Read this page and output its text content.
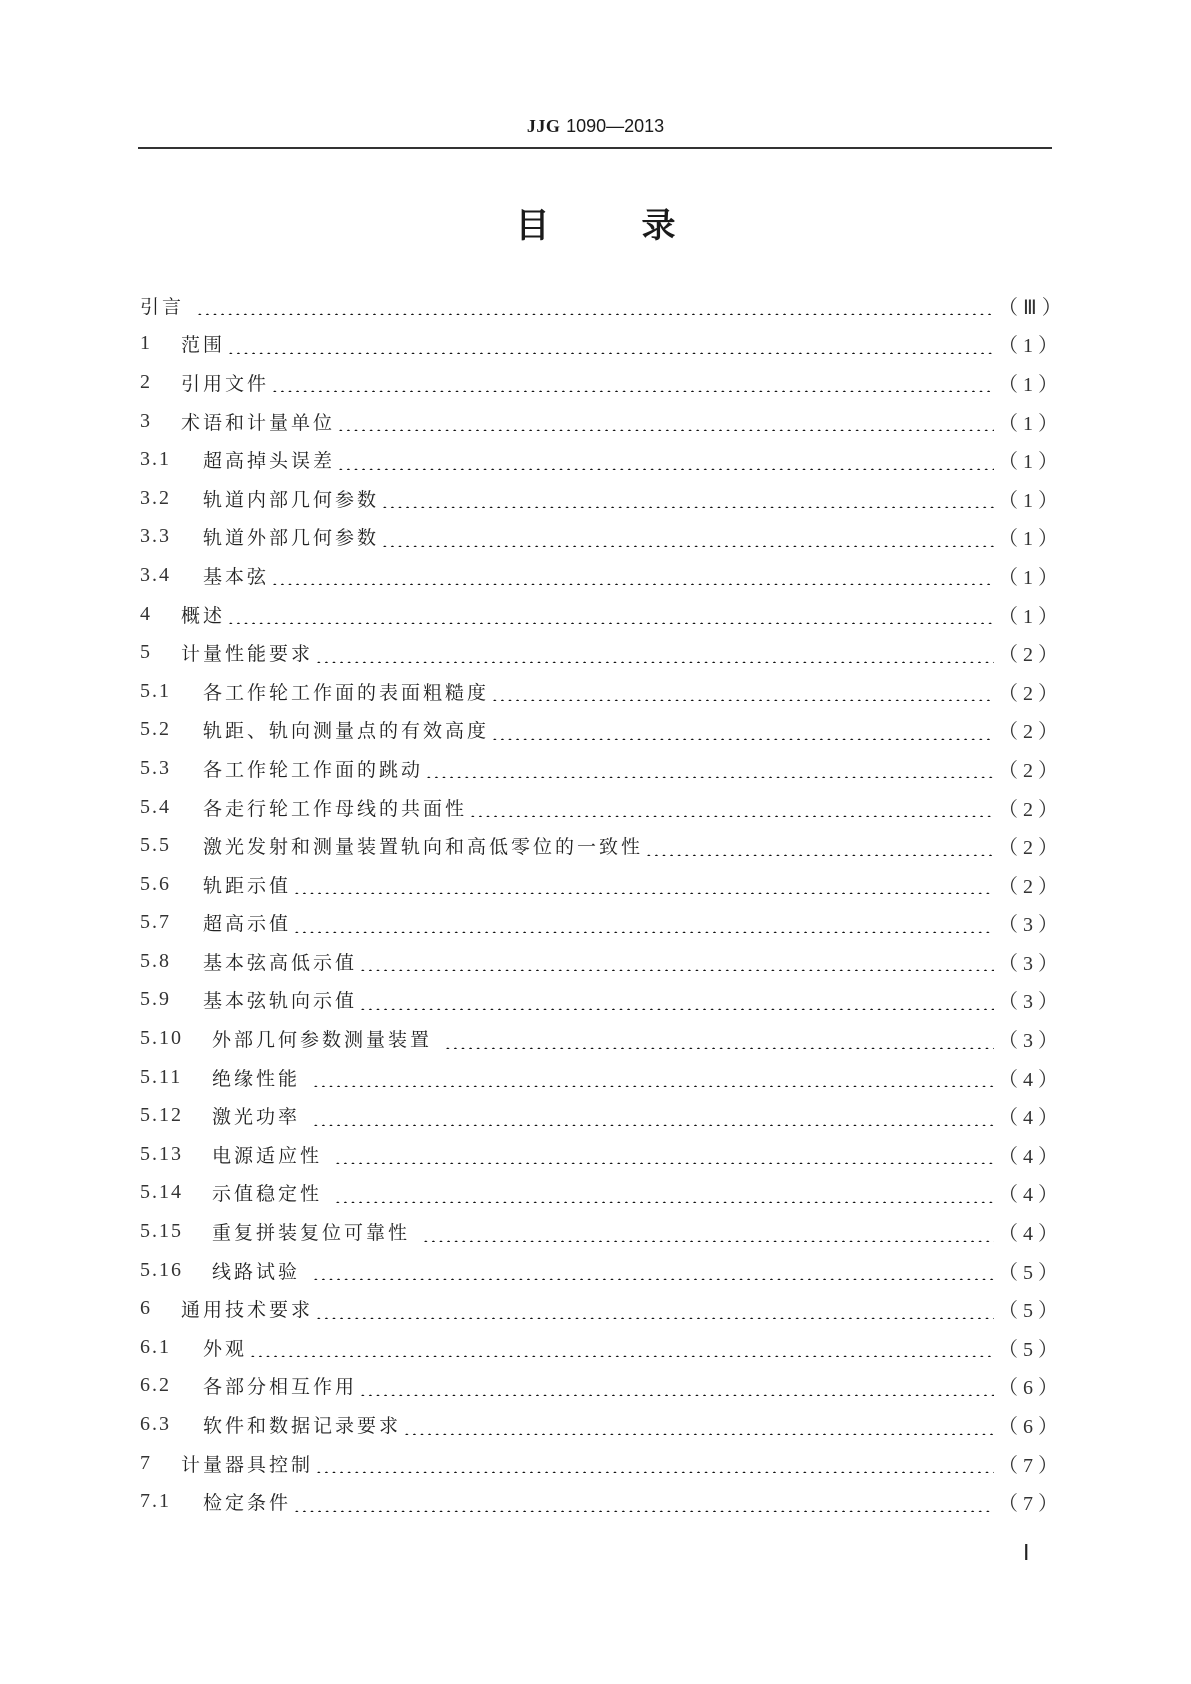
JJG 1090—2013
目	录
引言	（Ⅲ）
1	范围	（1）
2	引用文件	（1）
3	术语和计量单位	（1）
3.1	超高掉头误差	（1）
3.2	轨道内部几何参数	（1）
3.3	轨道外部几何参数	（1）
3.4	基本弦	（1）
4	概述	（1）
5	计量性能要求	（2）
5.1	各工作轮工作面的表面粗糙度	（2）
5.2	轨距、轨向测量点的有效高度	（2）
5.3	各工作轮工作面的跳动	（2）
5.4	各走行轮工作母线的共面性	（2）
5.5	激光发射和测量装置轨向和高低零位的一致性	（2）
5.6	轨距示值	（2）
5.7	超高示值	（3）
5.8	基本弦高低示值	（3）
5.9	基本弦轨向示值	（3）
5.10	外部几何参数测量装置	（3）
5.11	绝缘性能	（4）
5.12	激光功率	（4）
5.13	电源适应性	（4）
5.14	示值稳定性	（4）
5.15	重复拼装复位可靠性	（4）
5.16	线路试验	（5）
6	通用技术要求	（5）
6.1	外观	（5）
6.2	各部分相互作用	（6）
6.3	软件和数据记录要求	（6）
7	计量器具控制	（7）
7.1	检定条件	（7）
Ⅰ
